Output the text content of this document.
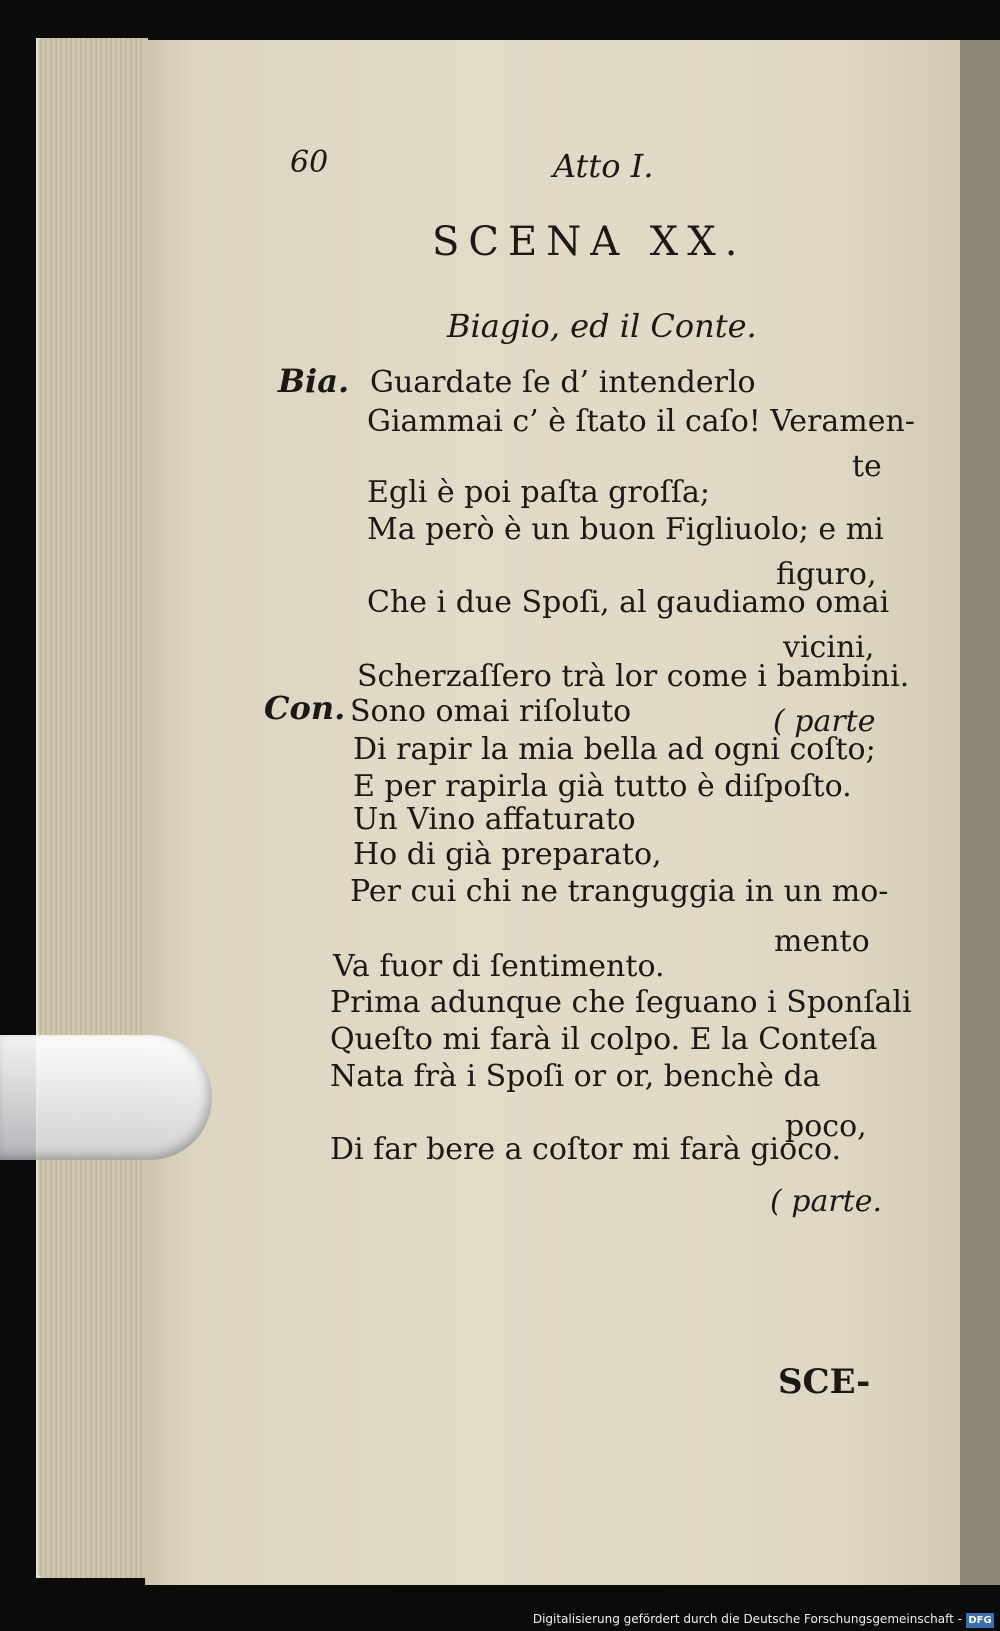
60	Atto I.
SCENA XX.
Biagio, ed il Conte.
Bia.
Con.
Guardate ſe d’ intenderlo
Giammai c’ è ſtato il caſo! Veramen-
te
Egli è poi paſta groſſa;
Ma però è un buon Figliuolo; e mi
figuro,
Che i due Spoſi, al gaudiamo omai
vicini,
Scherzaſſero trà lor come i bambini.
Sono omai riſoluto	( parte
Di rapir la mia bella ad ogni coſto;
E per rapirla già tutto è diſpoſto.
Un Vino affaturato
Ho di già preparato,
Per cui chi ne tranguggia in un mo-
mento
Va fuor di ſentimento.
Prima adunque che ſeguano i Sponſali
Queſto mi farà il colpo. E la Conteſa
Nata frà i Spoſi or or, benchè da
poco,
Di far bere a coſtor mi farà gioco.
( parte.
SCE-
Digitalisierung gefördert durch die Deutsche Forschungsgemeinschaft - DFG
